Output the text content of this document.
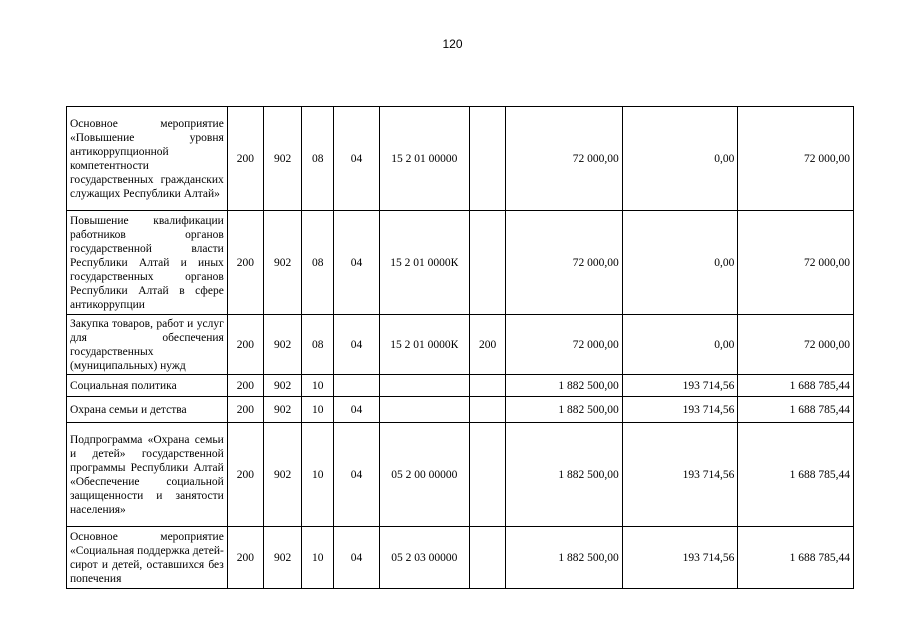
120
Основное мероприятие «Повышение уровня антикоррупционной компетентности государственных гражданских служащих Республики Алтай»	200	902	08	04	15 2 01 00000		72 000,00	0,00	72 000,00
Повышение квалификации работников органов государственной власти Республики Алтай и иных государственных органов Республики Алтай в сфере антикоррупции	200	902	08	04	15 2 01 0000К		72 000,00	0,00	72 000,00
Закупка товаров, работ и услуг для обеспечения государственных (муниципальных) нужд	200	902	08	04	15 2 01 0000К	200	72 000,00	0,00	72 000,00
Социальная политика	200	902	10				1 882 500,00	193 714,56	1 688 785,44
Охрана семьи и детства	200	902	10	04			1 882 500,00	193 714,56	1 688 785,44
Подпрограмма «Охрана семьи и детей» государственной программы Республики Алтай «Обеспечение социальной защищенности и занятости населения»	200	902	10	04	05 2 00 00000		1 882 500,00	193 714,56	1 688 785,44
Основное мероприятие «Социальная поддержка детей-сирот и детей, оставшихся без попечения	200	902	10	04	05 2 03 00000		1 882 500,00	193 714,56	1 688 785,44
